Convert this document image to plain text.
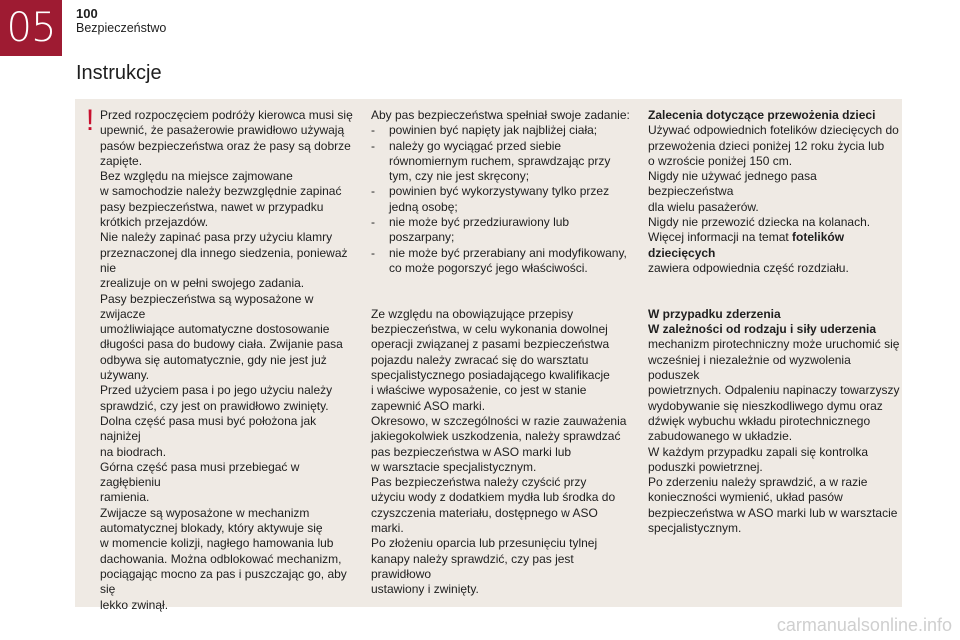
05	100
Bezpieczeństwo
Instrukcje
! Przed rozpoczęciem podróży kierowca musi się

upewnić, że pasażerowie prawidłowo używają

pasów bezpieczeństwa oraz że pasy są dobrze

zapięte.

Bez względu na miejsce zajmowane

w samochodzie należy bezwzględnie zapinać

pasy bezpieczeństwa, nawet w przypadku

krótkich przejazdów.

Nie należy zapinać pasa przy użyciu klamry

przeznaczonej dla innego siedzenia, ponieważ nie

zrealizuje on w pełni swojego zadania.

Pasy bezpieczeństwa są wyposażone w zwijacze

umożliwiające automatyczne dostosowanie

długości pasa do budowy ciała. Zwijanie pasa

odbywa się automatycznie, gdy nie jest już

używany.

Przed użyciem pasa i po jego użyciu należy

sprawdzić, czy jest on prawidłowo zwinięty.

Dolna część pasa musi być położona jak najniżej

na biodrach.

Górna część pasa musi przebiegać w zagłębieniu

ramienia.

Zwijacze są wyposażone w mechanizm

automatycznej blokady, który aktywuje się

w momencie kolizji, nagłego hamowania lub

dachowania. Można odblokować mechanizm,

pociągając mocno za pas i puszczając go, aby się

lekko zwinął.

Aby pas bezpieczeństwa spełniał swoje zadanie:

-	powinien być napięty jak najbliżej ciała;
-	należy go wyciągać przed siebie
równomiernym ruchem, sprawdzając przy
tym, czy nie jest skręcony;
-	powinien być wykorzystywany tylko przez
jedną osobę;
-	nie może być przedziurawiony lub poszarpany;
-	nie może być przerabiany ani modyfikowany,
co może pogorszyć jego właściwości.

Ze względu na obowiązujące przepisy

bezpieczeństwa, w celu wykonania dowolnej

operacji związanej z pasami bezpieczeństwa

pojazdu należy zwracać się do warsztatu

specjalistycznego posiadającego kwalifikacje

i właściwe wyposażenie, co jest w stanie

zapewnić ASO marki.

Okresowo, w szczególności w razie zauważenia

jakiegokolwiek uszkodzenia, należy sprawdzać

pas bezpieczeństwa w ASO marki lub

w warsztacie specjalistycznym.

Pas bezpieczeństwa należy czyścić przy

użyciu wody z dodatkiem mydła lub środka do

czyszczenia materiału, dostępnego w ASO marki.

Po złożeniu oparcia lub przesunięciu tylnej

kanapy należy sprawdzić, czy pas jest prawidłowo

ustawiony i zwinięty.

Zalecenia dotyczące przewożenia dzieci

Używać odpowiednich fotelików dziecięcych do

przewożenia dzieci poniżej 12 roku życia lub

o wzroście poniżej 150 cm.

Nigdy nie używać jednego pasa bezpieczeństwa

dla wielu pasażerów.

Nigdy nie przewozić dziecka na kolanach.

Więcej informacji na temat fotelików dziecięcych

zawiera odpowiednia część rozdziału.

W przypadku zderzenia

W zależności od rodzaju i siły uderzenia

mechanizm pirotechniczny może uruchomić się

wcześniej i niezależnie od wyzwolenia poduszek

powietrznych. Odpaleniu napinaczy towarzyszy

wydobywanie się nieszkodliwego dymu oraz

dźwięk wybuchu wkładu pirotechnicznego

zabudowanego w układzie.

W każdym przypadku zapali się kontrolka

poduszki powietrznej.

Po zderzeniu należy sprawdzić, a w razie

konieczności wymienić, układ pasów

bezpieczeństwa w ASO marki lub w warsztacie

specjalistycznym.

carmanualsonline.info
